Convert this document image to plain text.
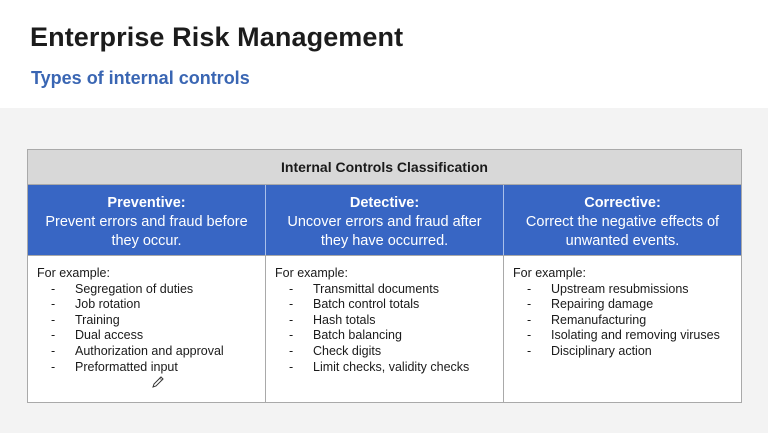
Enterprise Risk Management
Types of internal controls
Internal Controls Classification
Preventive:
Prevent errors and fraud before
they occur.
Detective:
Uncover errors and fraud after
they have occurred.
Corrective:
Correct the negative effects of
unwanted events.
For example:
- Segregation of duties
- Job rotation
- Training
- Dual access
- Authorization and approval
- Preformatted input
For example:
- Transmittal documents
- Batch control totals
- Hash totals
- Batch balancing
- Check digits
- Limit checks, validity checks
For example:
- Upstream resubmissions
- Repairing damage
- Remanufacturing
- Isolating and removing viruses
- Disciplinary action
